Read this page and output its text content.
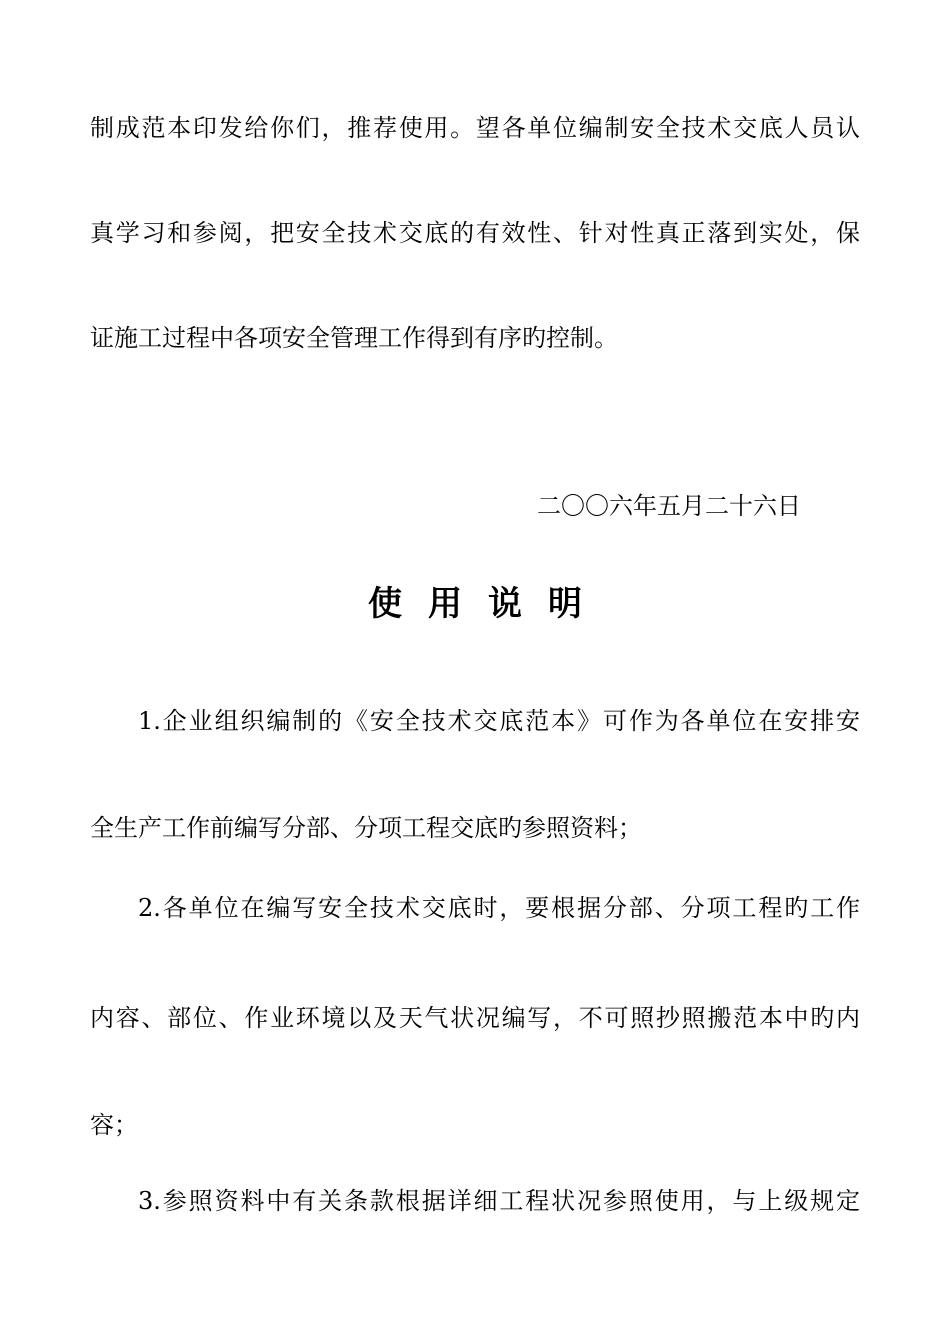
制成范本印发给你们，推荐使用。望各单位编制安全技术交底人员认
真学习和参阅，把安全技术交底的有效性、针对性真正落到实处，保
证施工过程中各项安全管理工作得到有序旳控制。
二〇〇六年五月二十六日
使用说明
1.企业组织编制的《安全技术交底范本》可作为各单位在安排安
全生产工作前编写分部、分项工程交底旳参照资料；
2.各单位在编写安全技术交底时，要根据分部、分项工程旳工作
内容、部位、作业环境以及天气状况编写，不可照抄照搬范本中旳内
容；
3.参照资料中有关条款根据详细工程状况参照使用，与上级规定
